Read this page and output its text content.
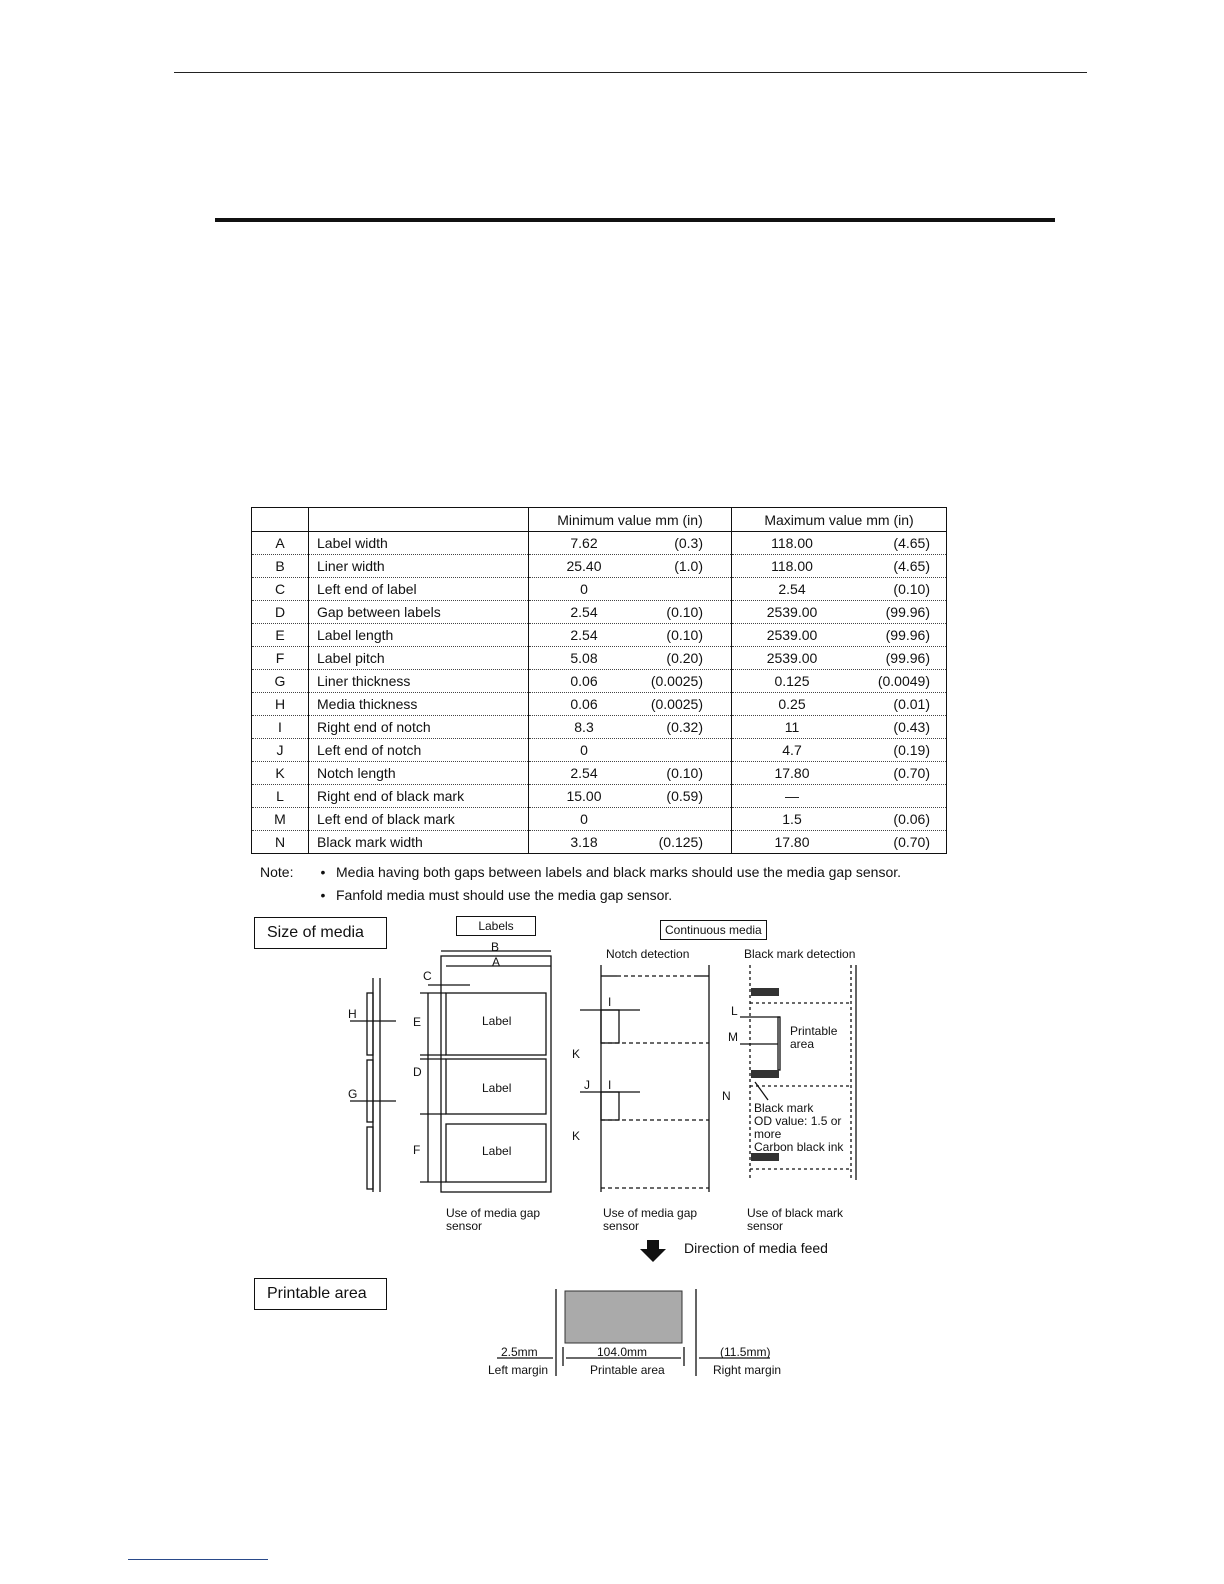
		Minimum value mm (in)	Maximum value mm (in)
A	Label width	7.62 (0.3)	118.00 (4.65)

B	Liner width	25.40 (1.0)	118.00 (4.65)

C	Left end of label	0	2.54 (0.10)

D	Gap between labels	2.54 (0.10)	2539.00 (99.96)

E	Label length	2.54 (0.10)	2539.00 (99.96)

F	Label pitch	5.08 (0.20)	2539.00 (99.96)

G	Liner thickness	0.06 (0.0025)	0.125 (0.0049)

H	Media thickness	0.06 (0.0025)	0.25 (0.01)

I	Right end of notch	8.3 (0.32)	11 (0.43)

J	Left end of notch	0	4.7 (0.19)

K	Notch length	2.54 (0.10)	17.80 (0.70)

L	Right end of black mark	15.00 (0.59)	—

M	Left end of black mark	0	1.5 (0.06)

N	Black mark width	3.18 (0.125)	17.80 (0.70)
Note:	• Media having both gaps between labels and black marks should use the media gap sensor.
• Fanfold media must should use the media gap sensor.
Size of media
Printable area
Labels	Continuous media
Notch detection	Black mark detection
Label
Label
Label
Printable
area
Black mark
OD value: 1.5 or
more
Carbon black ink
B
A
C
E
D
F
H
G
I
I
J
K
K
L
M
N
Use of media gap
sensor
Use of media gap
sensor
Use of black mark
sensor
Direction of media feed
2.5mm
Left margin
104.0mm
Printable area
(11.5mm)
Right margin
